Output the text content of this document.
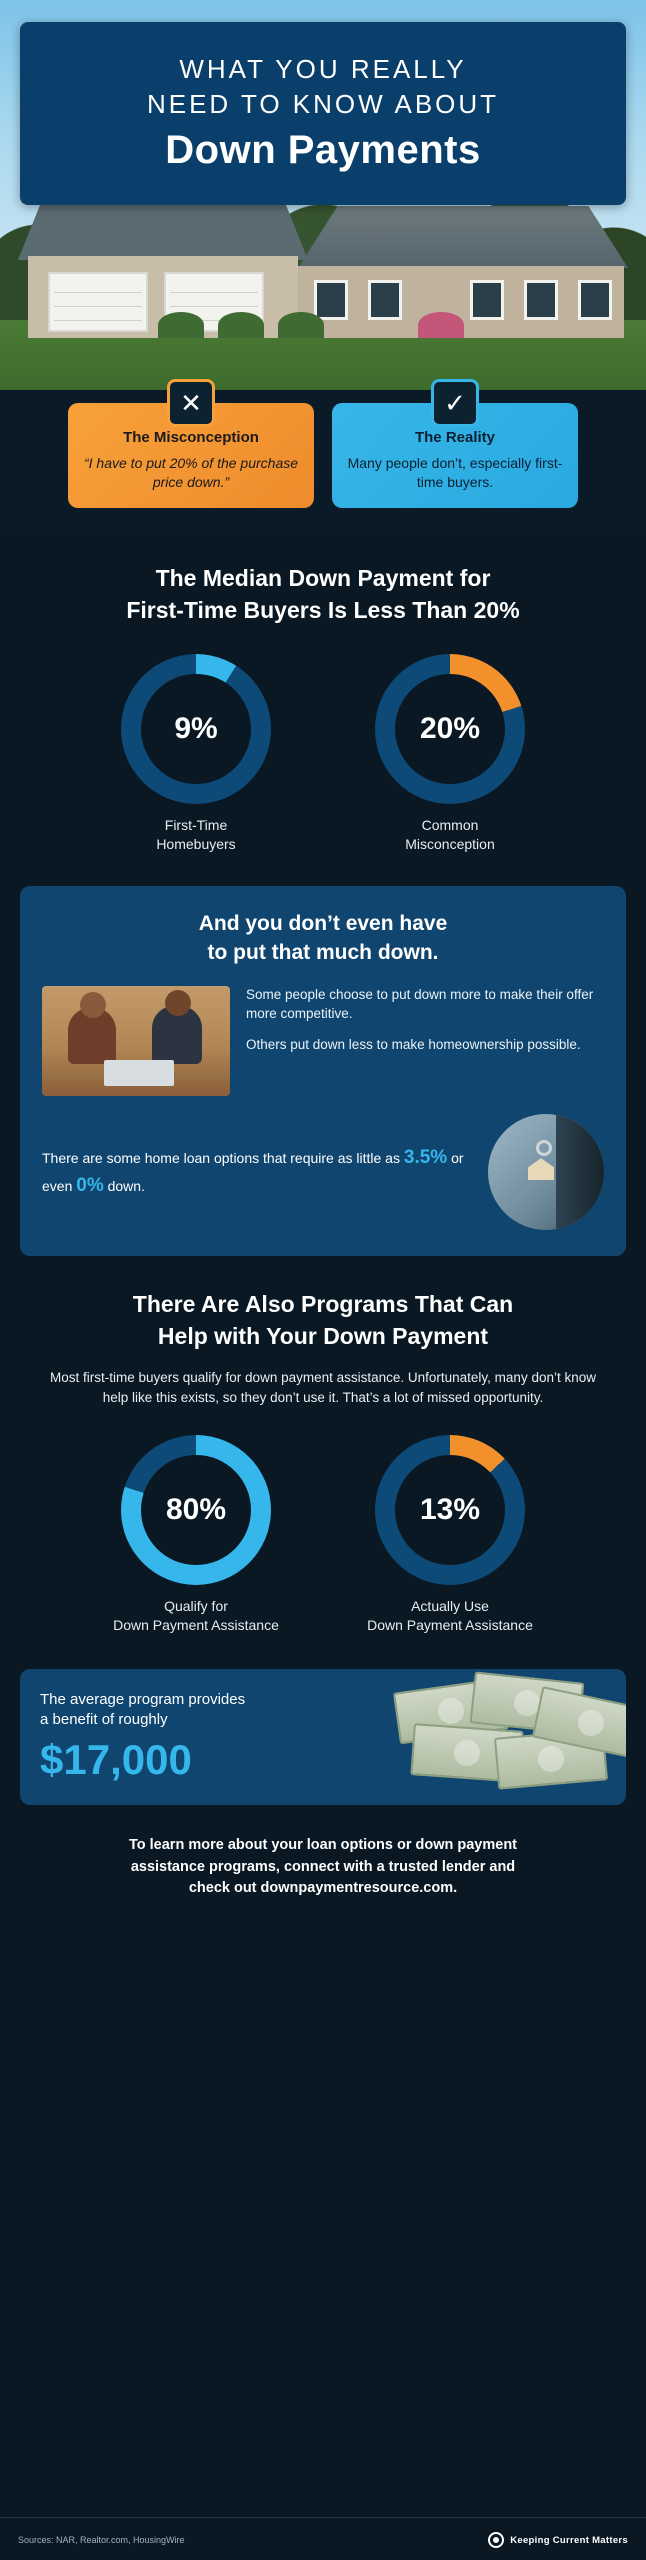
WHAT YOU REALLY
NEED TO KNOW ABOUT
Down Payments
✕
The Misconception
“I have to put 20% of the purchase price down.”
✓
The Reality
Many people don’t, especially first-time buyers.
The Median Down Payment for
First-Time Buyers Is Less Than 20%
9%
First-Time
Homebuyers
20%
Common
Misconception
And you don’t even have
to put that much down.

Some people choose to put down more to make their offer more competitive.

Others put down less to make homeownership possible.

There are some home loan options that require as little as 3.5% or even 0% down.
There Are Also Programs That Can
Help with Your Down Payment
Most first-time buyers qualify for down payment assistance. Unfortunately, many don’t know help like this exists, so they don’t use it. That’s a lot of missed opportunity.
80%
Qualify for
Down Payment Assistance
13%
Actually Use
Down Payment Assistance
The average program provides
a benefit of roughly
$17,000
To learn more about your loan options or down payment
assistance programs, connect with a trusted lender and
check out downpaymentresource.com.
Sources: NAR, Realtor.com, HousingWire	Keeping Current Matters
